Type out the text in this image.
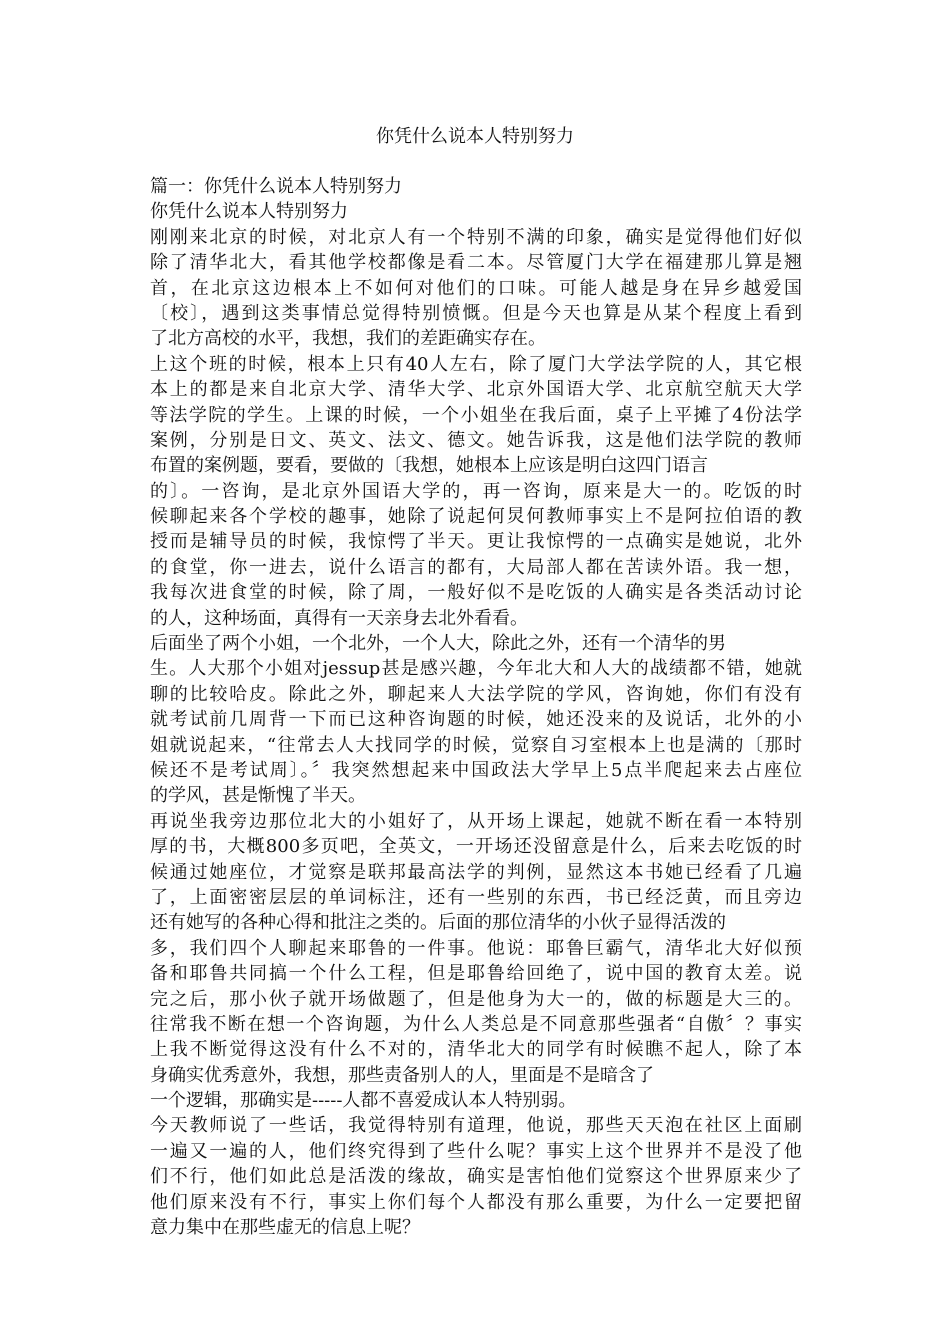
你凭什么说本人特别努力
篇一：你凭什么说本人特别努力
你凭什么说本人特别努力
刚刚来北京的时候，对北京人有一个特别不满的印象，确实是觉得他们好似
除了清华北大，看其他学校都像是看二本。尽管厦门大学在福建那儿算是翘
首，在北京这边根本上不如何对他们的口味。可能人越是身在异乡越爱国
〔校〕，遇到这类事情总觉得特别愤慨。但是今天也算是从某个程度上看到
了北方高校的水平，我想，我们的差距确实存在。
上这个班的时候，根本上只有40人左右，除了厦门大学法学院的人，其它根
本上的都是来自北京大学、清华大学、北京外国语大学、北京航空航天大学
等法学院的学生。上课的时候，一个小姐坐在我后面，桌子上平摊了4份法学
案例，分别是日文、英文、法文、德文。她告诉我，这是他们法学院的教师
布置的案例题，要看，要做的〔我想，她根本上应该是明白这四门语言
的〕。一咨询，是北京外国语大学的，再一咨询，原来是大一的。吃饭的时
候聊起来各个学校的趣事，她除了说起何炅何教师事实上不是阿拉伯语的教
授而是辅导员的时候，我惊愕了半天。更让我惊愕的一点确实是她说，北外
的食堂，你一进去，说什么语言的都有，大局部人都在苦读外语。我一想，
我每次进食堂的时候，除了周，一般好似不是吃饭的人确实是各类活动讨论
的人，这种场面，真得有一天亲身去北外看看。
后面坐了两个小姐，一个北外，一个人大，除此之外，还有一个清华的男
生。人大那个小姐对jessup甚是感兴趣，今年北大和人大的战绩都不错，她就
聊的比较哈皮。除此之外，聊起来人大法学院的学风，咨询她，你们有没有
就考试前几周背一下而已这种咨询题的时候，她还没来的及说话，北外的小
姐就说起来，“往常去人大找同学的时候，觉察自习室根本上也是满的〔那时
候还不是考试周〕。〞我突然想起来中国政法大学早上5点半爬起来去占座位
的学风，甚是惭愧了半天。
再说坐我旁边那位北大的小姐好了，从开场上课起，她就不断在看一本特别
厚的书，大概800多页吧，全英文，一开场还没留意是什么，后来去吃饭的时
候通过她座位，才觉察是联邦最高法学的判例，显然这本书她已经看了几遍
了，上面密密层层的单词标注，还有一些别的东西，书已经泛黄，而且旁边
还有她写的各种心得和批注之类的。后面的那位清华的小伙子显得活泼的
多，我们四个人聊起来耶鲁的一件事。他说：耶鲁巨霸气，清华北大好似预
备和耶鲁共同搞一个什么工程，但是耶鲁给回绝了，说中国的教育太差。说
完之后，那小伙子就开场做题了，但是他身为大一的，做的标题是大三的。
往常我不断在想一个咨询题，为什么人类总是不同意那些强者“自傲〞？事实
上我不断觉得这没有什么不对的，清华北大的同学有时候瞧不起人，除了本
身确实优秀意外，我想，那些责备别人的人，里面是不是暗含了
一个逻辑，那确实是-----人都不喜爱成认本人特别弱。
今天教师说了一些话，我觉得特别有道理，他说，那些天天泡在社区上面刷
一遍又一遍的人，他们终究得到了些什么呢？事实上这个世界并不是没了他
们不行，他们如此总是活泼的缘故，确实是害怕他们觉察这个世界原来少了
他们原来没有不行，事实上你们每个人都没有那么重要，为什么一定要把留
意力集中在那些虚无的信息上呢？
